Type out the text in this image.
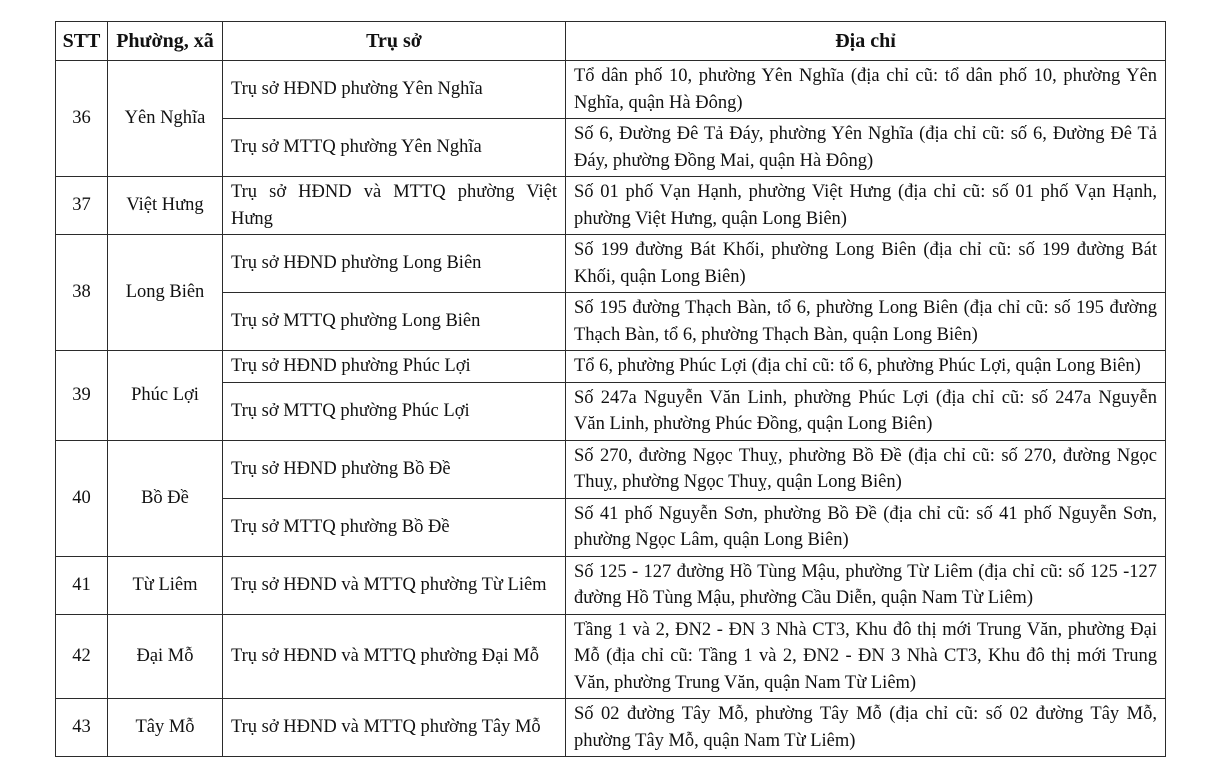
STT	Phường, xã	Trụ sở	Địa chỉ
36	Yên Nghĩa	Trụ sở HĐND phường Yên Nghĩa	Tổ dân phố 10, phường Yên Nghĩa (địa chỉ cũ: tổ dân phố 10, phường Yên Nghĩa, quận Hà Đông)
		Trụ sở MTTQ phường Yên Nghĩa	Số 6, Đường Đê Tả Đáy, phường Yên Nghĩa (địa chỉ cũ: số 6, Đường Đê Tả Đáy, phường Đồng Mai, quận Hà Đông)
37	Việt Hưng	Trụ sở HĐND và MTTQ phường Việt Hưng	Số 01 phố Vạn Hạnh, phường Việt Hưng (địa chỉ cũ: số 01 phố Vạn Hạnh, phường Việt Hưng, quận Long Biên)
38	Long Biên	Trụ sở HĐND phường Long Biên	Số 199 đường Bát Khối, phường Long Biên (địa chỉ cũ: số 199 đường Bát Khối, quận Long Biên)
		Trụ sở MTTQ phường Long Biên	Số 195 đường Thạch Bàn, tổ 6, phường Long Biên (địa chỉ cũ: số 195 đường Thạch Bàn, tổ 6, phường Thạch Bàn, quận Long Biên)
39	Phúc Lợi	Trụ sở HĐND phường Phúc Lợi	Tổ 6, phường Phúc Lợi (địa chỉ cũ: tổ 6, phường Phúc Lợi, quận Long Biên)
		Trụ sở MTTQ phường Phúc Lợi	Số 247a Nguyễn Văn Linh, phường Phúc Lợi (địa chỉ cũ: số 247a Nguyễn Văn Linh, phường Phúc Đồng, quận Long Biên)
40	Bồ Đề	Trụ sở HĐND phường Bồ Đề	Số 270, đường Ngọc Thuỵ, phường Bồ Đề (địa chỉ cũ: số 270, đường Ngọc Thuỵ, phường Ngọc Thuỵ, quận Long Biên)
		Trụ sở MTTQ phường Bồ Đề	Số 41 phố Nguyễn Sơn, phường Bồ Đề (địa chỉ cũ: số 41 phố Nguyễn Sơn, phường Ngọc Lâm, quận Long Biên)
41	Từ Liêm	Trụ sở HĐND và MTTQ phường Từ Liêm	Số 125 - 127 đường Hồ Tùng Mậu, phường Từ Liêm (địa chỉ cũ: số 125 -127 đường Hồ Tùng Mậu, phường Cầu Diễn, quận Nam Từ Liêm)
42	Đại Mỗ	Trụ sở HĐND và MTTQ phường Đại Mỗ	Tầng 1 và 2, ĐN2 - ĐN 3 Nhà CT3, Khu đô thị mới Trung Văn, phường Đại Mỗ (địa chỉ cũ: Tầng 1 và 2, ĐN2 - ĐN 3 Nhà CT3, Khu đô thị mới Trung Văn, phường Trung Văn, quận Nam Từ Liêm)
43	Tây Mỗ	Trụ sở HĐND và MTTQ phường Tây Mỗ	Số 02 đường Tây Mỗ, phường Tây Mỗ (địa chỉ cũ: số 02 đường Tây Mỗ, phường Tây Mỗ, quận Nam Từ Liêm)
